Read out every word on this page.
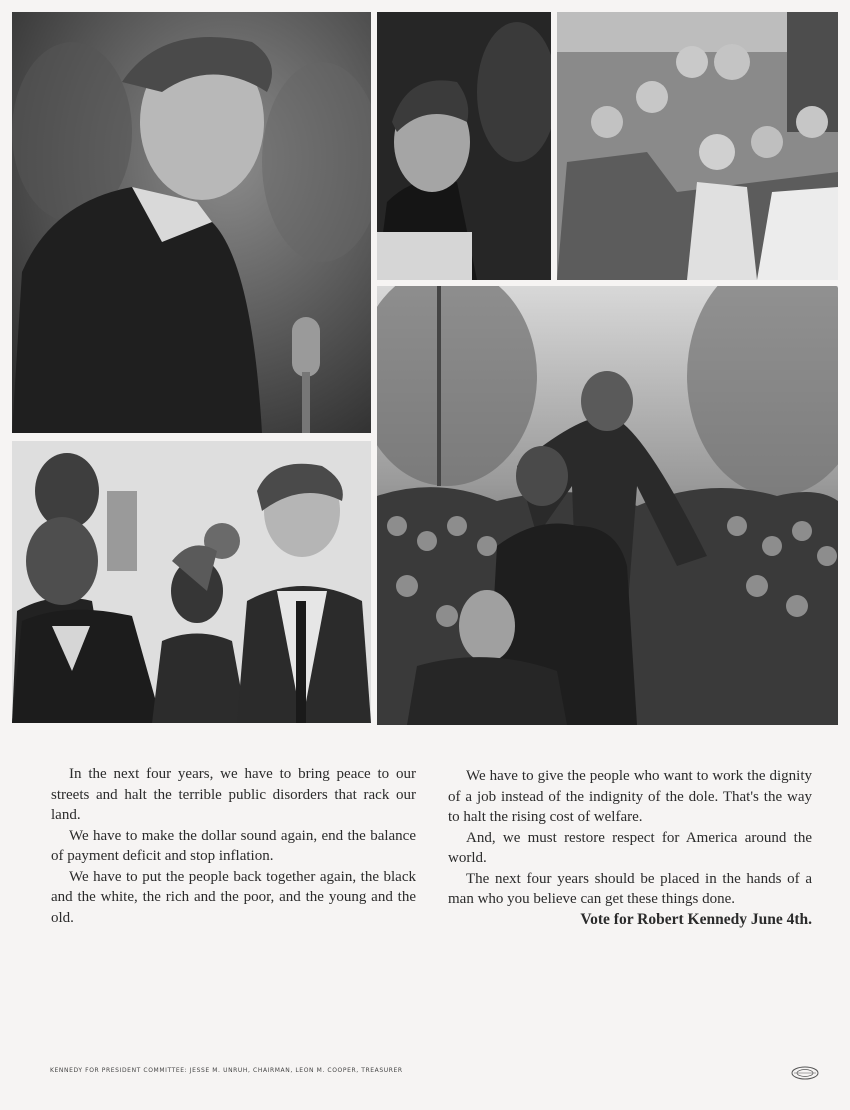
In the next four years, we have to bring peace to our streets and halt the terrible public disorders that rack our land.

We have to make the dollar sound again, end the balance of payment deficit and stop inflation.

We have to put the people back together again, the black and the white, the rich and the poor, and the young and the old.

We have to give the people who want to work the dignity of a job instead of the indignity of the dole. That's the way to halt the rising cost of welfare.

And, we must restore respect for America around the world.

The next four years should be placed in the hands of a man who you believe can get these things done.

Vote for Robert Kennedy June 4th.

KENNEDY FOR PRESIDENT COMMITTEE: JESSE M. UNRUH, CHAIRMAN, LEON M. COOPER, TREASURER
